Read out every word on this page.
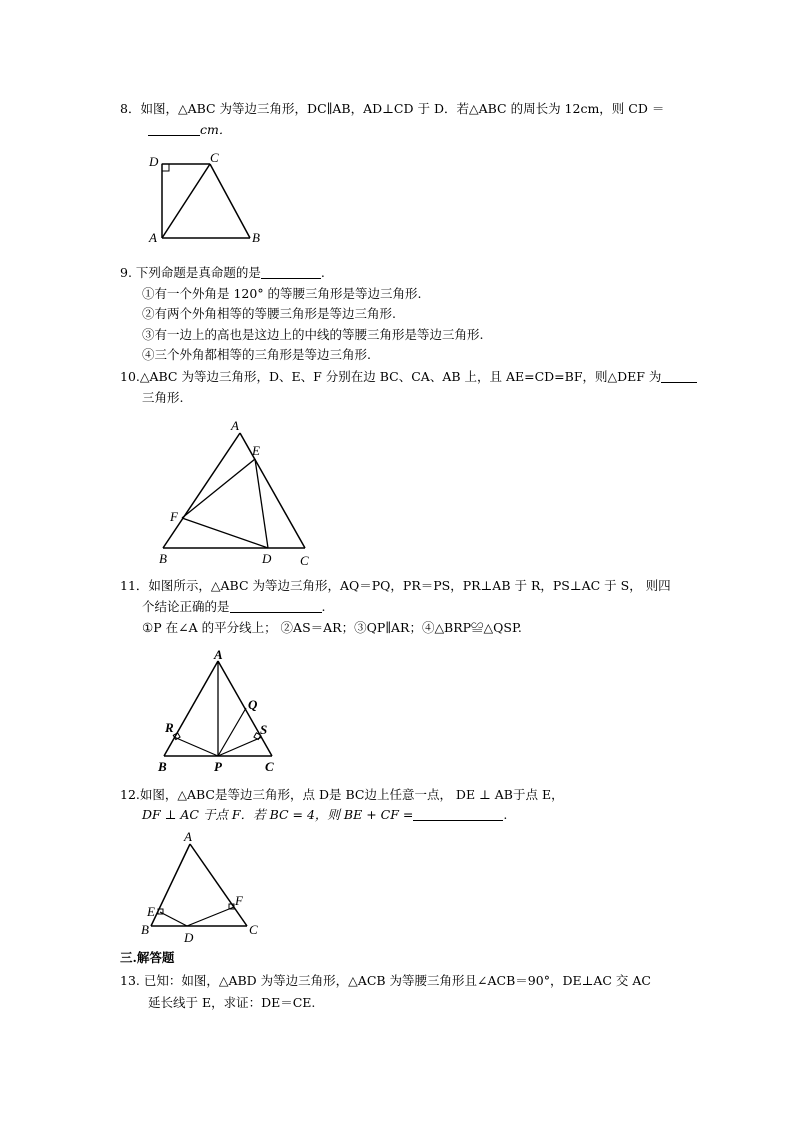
8．如图，△ABC 为等边三角形，DC∥AB，AD⊥CD 于 D．若△ABC 的周长为 12cm，则 CD ＝
cm．
D	C
A	B
9. 下列命题是真命题的是	.
①有一个外角是 120° 的等腰三角形是等边三角形.
②有两个外角相等的等腰三角形是等边三角形.
③有一边上的高也是这边上的中线的等腰三角形是等边三角形.
④三个外角都相等的三角形是等边三角形.
10.△ABC 为等边三角形，D、E、F 分别在边 BC、CA、AB 上，且 AE=CD=BF，则△DEF 为
三角形.
A
E
F
B	D C
11．如图所示，△ABC 为等边三角形，AQ＝PQ，PR＝PS，PR⊥AB 于 R，PS⊥AC 于 S， 则四
个结论正确的是	.
①P 在∠A 的平分线上； ②AS＝AR；③QP∥AR；④△BRP≌△QSP.
A
Q
R	S
B	P	C
12.如图，△ABC是等边三角形，点 D是 BC边上任意一点， DE ⊥ AB于点 E，
DF ⊥ AC 于点 F．若 BC = 4，则 BE + CF =	.
A
E
F
B
D
C
三.解答题
13. 已知：如图，△ABD 为等边三角形，△ACB 为等腰三角形且∠ACB＝90°，DE⊥AC 交 AC
延长线于 E，求证：DE＝CE.
